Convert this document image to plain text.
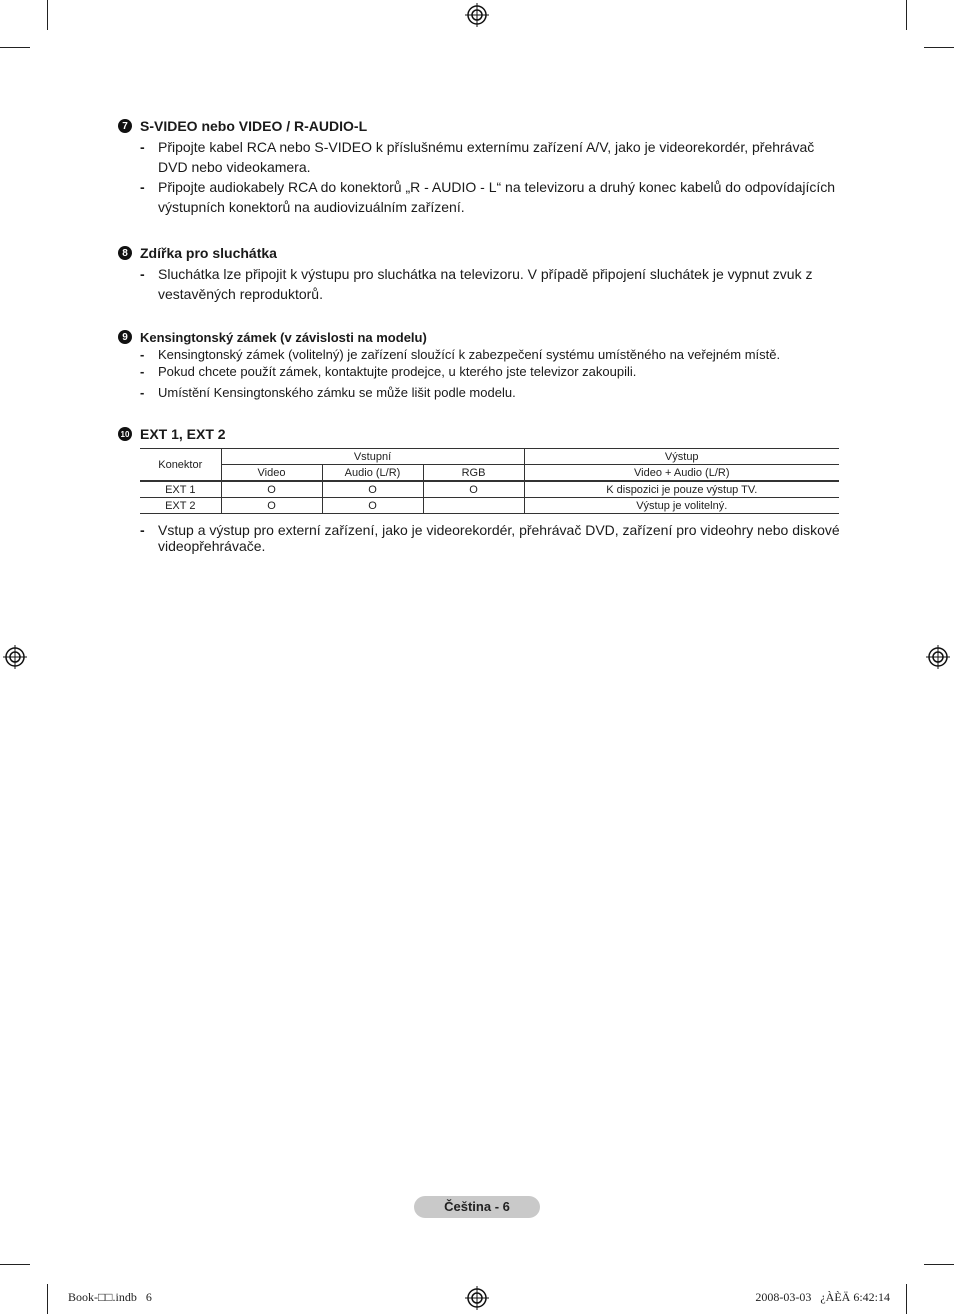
7 S-VIDEO nebo VIDEO / R-AUDIO-L
- Připojte kabel RCA nebo S-VIDEO k příslušnému externímu zařízení A/V, jako je videorekordér, přehrávač DVD nebo videokamera.
- Připojte audiokabely RCA do konektorů „R - AUDIO - L“ na televizoru a druhý konec kabelů do odpovídajících výstupních konektorů na audiovizuálním zařízení.
8 Zdířka pro sluchátka
- Sluchátka lze připojit k výstupu pro sluchátka na televizoru. V případě připojení sluchátek je vypnut zvuk z vestavěných reproduktorů.
9 Kensingtonský zámek (v závislosti na modelu)
- Kensingtonský zámek (volitelný) je zařízení sloužící k zabezpečení systému umístěného na veřejném místě.
- Pokud chcete použít zámek, kontaktujte prodejce, u kterého jste televizor zakoupili.
- Umístění Kensingtonského zámku se může lišit podle modelu.
10 EXT 1, EXT 2
Konektor	Vstupní			Výstup
	Video	Audio (L/R)	RGB	Video + Audio (L/R)
EXT 1	O	O	O	K dispozici je pouze výstup TV.
EXT 2	O	O		Výstup je volitelný.
- Vstup a výstup pro externí zařízení, jako je videorekordér, přehrávač DVD, zařízení pro videohry nebo diskové videopřehrávače.
Čeština - 6
Book-□□.indb   6	2008-03-03   ¿ÀÈÄ 6:42:14
